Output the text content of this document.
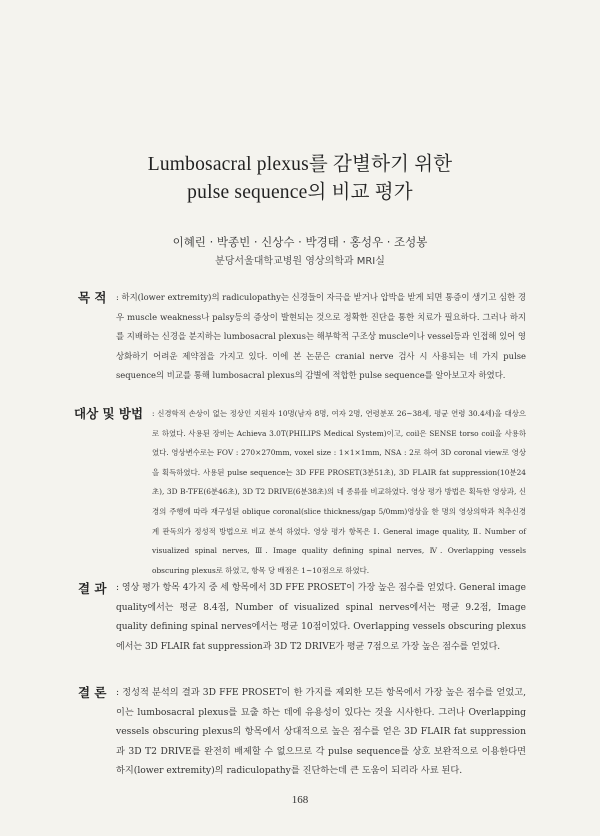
Lumbosacral plexus를 감별하기 위한
pulse sequence의 비교 평가
이혜린 · 박종빈 · 신상수 · 박경태 · 홍성우 · 조성봉
분당서울대학교병원 영상의학과 MRI실
목 적 : 하지(lower extremity)의 radiculopathy는 신경들이 자극을 받거나 압박을 받게 되면 통증이 생기고 심한 경우 muscle weakness나 palsy등의 증상이 발현되는 것으로 정확한 진단을 통한 치료가 필요하다. 그러나 하지를 지배하는 신경을 분지하는 lumbosacral plexus는 해부학적 구조상 muscle이나 vessel등과 인접해 있어 영상화하기 어려운 제약점을 가지고 있다. 이에 본 논문은 cranial nerve 검사 시 사용되는 네 가지 pulse sequence의 비교를 통해 lumbosacral plexus의 감별에 적합한 pulse sequence를 알아보고자 하였다.
대상 및 방법 : 신경학적 손상이 없는 정상인 지원자 10명(남자 8명, 여자 2명, 연령분포 26~38세, 평균 연령 30.4세)을 대상으로 하였다. 사용된 장비는 Achieva 3.0T(PHILIPS Medical System)이고, coil은 SENSE torso coil을 사용하였다. 영상변수로는 FOV : 270×270mm, voxel size : 1×1×1mm, NSA : 2로 하여 3D coronal view로 영상을 획득하였다. 사용된 pulse sequence는 3D FFE PROSET(3분51초), 3D FLAIR fat suppression(10분24초), 3D B-TFE(6분46초), 3D T2 DRIVE(6분38초)의 네 종류를 비교하였다. 영상 평가 방법은 획득한 영상과, 신경의 주행에 따라 재구성된 oblique coronal(slice thickness/gap 5/0mm)영상을 한 명의 영상의학과 척추신경계 판독의가 정성적 방법으로 비교 분석 하였다. 영상 평가 항목은 Ⅰ. General image quality, Ⅱ. Number of visualized spinal nerves, Ⅲ. Image quality defining spinal nerves, Ⅳ. Overlapping vessels obscuring plexus로 하였고, 항목 당 배점은 1~10점으로 하였다.
결 과 : 영상 평가 항목 4가지 중 세 항목에서 3D FFE PROSET이 가장 높은 점수를 얻었다. General image quality에서는 평균 8.4점, Number of visualized spinal nerves에서는 평균 9.2점, Image quality defining spinal nerves에서는 평균 10점이었다. Overlapping vessels obscuring plexus에서는 3D FLAIR fat suppression과 3D T2 DRIVE가 평균 7점으로 가장 높은 점수를 얻었다.
결 론 : 정성적 분석의 결과 3D FFE PROSET이 한 가지를 제외한 모든 항목에서 가장 높은 점수를 얻었고, 이는 lumbosacral plexus를 묘출 하는 데에 유용성이 있다는 것을 시사한다. 그러나 Overlapping vessels obscuring plexus의 항목에서 상대적으로 높은 점수를 얻은 3D FLAIR fat suppression과 3D T2 DRIVE를 완전히 배제할 수 없으므로 각 pulse sequence를 상호 보완적으로 이용한다면 하지(lower extremity)의 radiculopathy를 진단하는데 큰 도움이 되리라 사료 된다.
168
